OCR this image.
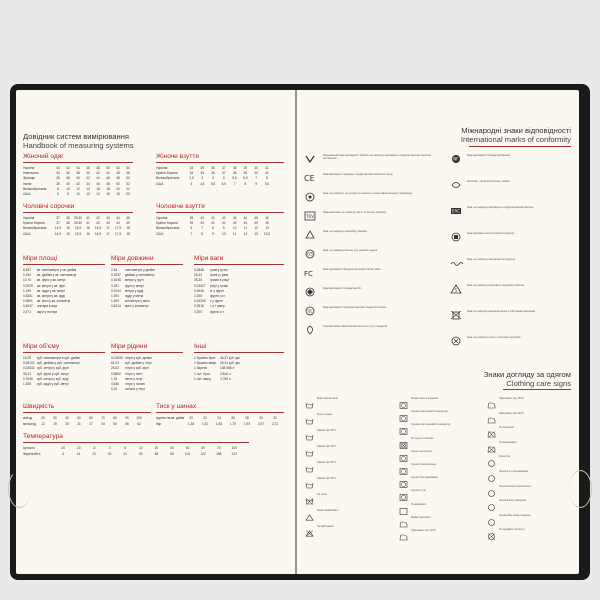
Довідник систем вимірювання
Handbook of measuring systems
Жіночий одяг
Україна	40	42	44	46	48	50	52	54
Німеччина	34	36	38	40	42	44	46	48
Франція	36	38	40	42	44	46	48	50
Італія	38	40	42	44	46	48	50	52
Великобританія	8	10	12	14	16	18	20	22
США	6	8	10	12	14	16	18	20
Жіноче взуття
Україна	34	35	36	37	38	39	40	41
Країни Європи	34	35	36	37	38	39	40	41
Великобританія	2,5	3	4	5	5,5	6,5	7	8
США	4	4,5	5,5	6,5	7	8	9	9,5
Чоловічі сорочки
Україна	37	38	39-40	41	42	43	44	45
Країни Європи	37	38	39-40	41	42	43	44	45
Великобританія	14,5	15	15,5	16	16,5	17	17,5	18
США	14,5	15	15,5	16	16,5	17	17,5	18
Чоловіче взуття
Україна	39	40	41	42	43	44	45	46
Країни Європи	39	40	41	42	43	44	45	46
Великобританія	6	7	8	9	10	11	12	13
США	7	8	9	10	11	12	13	13,5
Міри площі
6,452	кв. сантиметри у кв. дюймі
0,155	кв. дюйми у кв. сантиметрі
10,76	кв. фути у кв. метрі
0,0929	кв. метри у кв. футі
1,196	кв. ярди у кв. метрі
0,8361	кв. метри у кв. ярді
0,3861	кв. милі у кв. кілометрі
0,4047	гектари в акрі
2,471	акри у гектарі
Міри довжини
2,54	сантиметри у дюймі
0,3937	дюйми у сантиметрі
0,3048	метри у футі
3,281	фути у метрі
0,9144	метри у ярді
1,094	ярди у метрі
1,609	кілометри у милі
0,6214	милі у кілометрі
Міри ваги
0,0648	грам у грані
15,43	грані у грамі
28,35	грами в унції
0,03527	унції у грамі
0,4536	кг у фунті
2,205	фунти у кг
0,00205	т у фунті
0,9518	т у т амер.
2,205	фунти в т
Міри об'єму
16,39	куб. сантиметри в куб. дюймі
0,06102 куб. дюйми у куб. сантиметрі
0,02832 куб. метри у куб. футі
35,31	куб. фути у куб. метрі
0,7646	куб. метри у куб. ярді
1,308	куб. ярди у куб. метрі
Міри рідини
0,01639 літри у куб. дюймі
61,03	куб. дюйми у літрі
28,32	літри у куб. футі
0,5682	літри у пінті
1,76	пінти у літрі
4,546	літри у галоні
0,22	галони у літрі
Інші
1 бушель брит.	36,37 куб. дм
1 бушель амер. 35,24 куб. дм
1 барель	158,988 л
1 гал. брит.	4,546 л
1 гал. амер.	3,785 л
Швидкість
км/год	20	30	40	50	60	70	80	90	100
миль/год	12	19	25	31	37	44	50	56	62
Тиск у шинах
фунтів на кв. дюйм	20	22	24	26	28	30	32
бар	1,38	1,52	1,65	1,79	1,93	2,07	2,21
Температура
Цельсія	-20	-10	-5	0	5	10	20	30	40	50	70	100
Фаренгейта	-4	14	23	32	41	50	68	86	104	122	158	212
Міжнародні знаки відповідності
International marks of conformity
Національний знак відповідності України, що засвідчує відповідність продукції вимогам технічних регламентів.
CE	Знак відповідності продукції стандартам Європейського Союзу.
Знак, що засвідчує, що продукт не наносить шкоди навколишньому середовищу.
TÜV
Німецький знак, що засвідчує якість та безпеку продукції.
Знак, що засвідчує переробку упаковки.
GS
Знак, що засвідчує безпеку для здоров'я людини.
FC
Знак відповідності Федеральної комісії зв'язку США.
Знак відповідності стандартам ЄС.
UL
Знак відповідності продукції вимогам стандартів безпеки.
Сертифікаційна марка Британського інституту стандартів.
NF
Знак відповідності стандартам Франції.
Woolmark – виріб виготовлено з вовни.
EAC
Знак, що засвідчує відповідність продукції вимогам безпеки.
Знак перевірки електротехнічної продукції.
Знак, що засвідчує натуральність продукції.
5
Знак, що засвідчує можливість переробки пластику.
Знак про заборону викидання разом з побутовими відходами.
Знак, що засвідчує участь у програмі переробки.
Знаки догляду за одягом
Clothing care signs
Виріб можна прати
Ручне прання
Прання при 30°C
Прання при 40°C
Прання при 60°C
Прання при 95°C
Не прати
Можна відбілювати
Не відбілювати
Можна сушити в машині
Сушіння при низькій температурі
Сушіння при звичайній температурі
Не сушити в машині
Сушити на мотузці
Сушити горизонтально
Сушити без віджимання
Сушити в тіні
Не віджимати
Можна прасувати
Прасування при 110°C
Прасування при 150°C
Прасування при 200°C
Не прасувати
Не відпарювати
Хімчистка
Хімчистка з розчинниками
Хімчистка перхлоретиленом
Хімчистка вуглеводнями
Професійне мокре чищення
Не піддавати хімчистці
